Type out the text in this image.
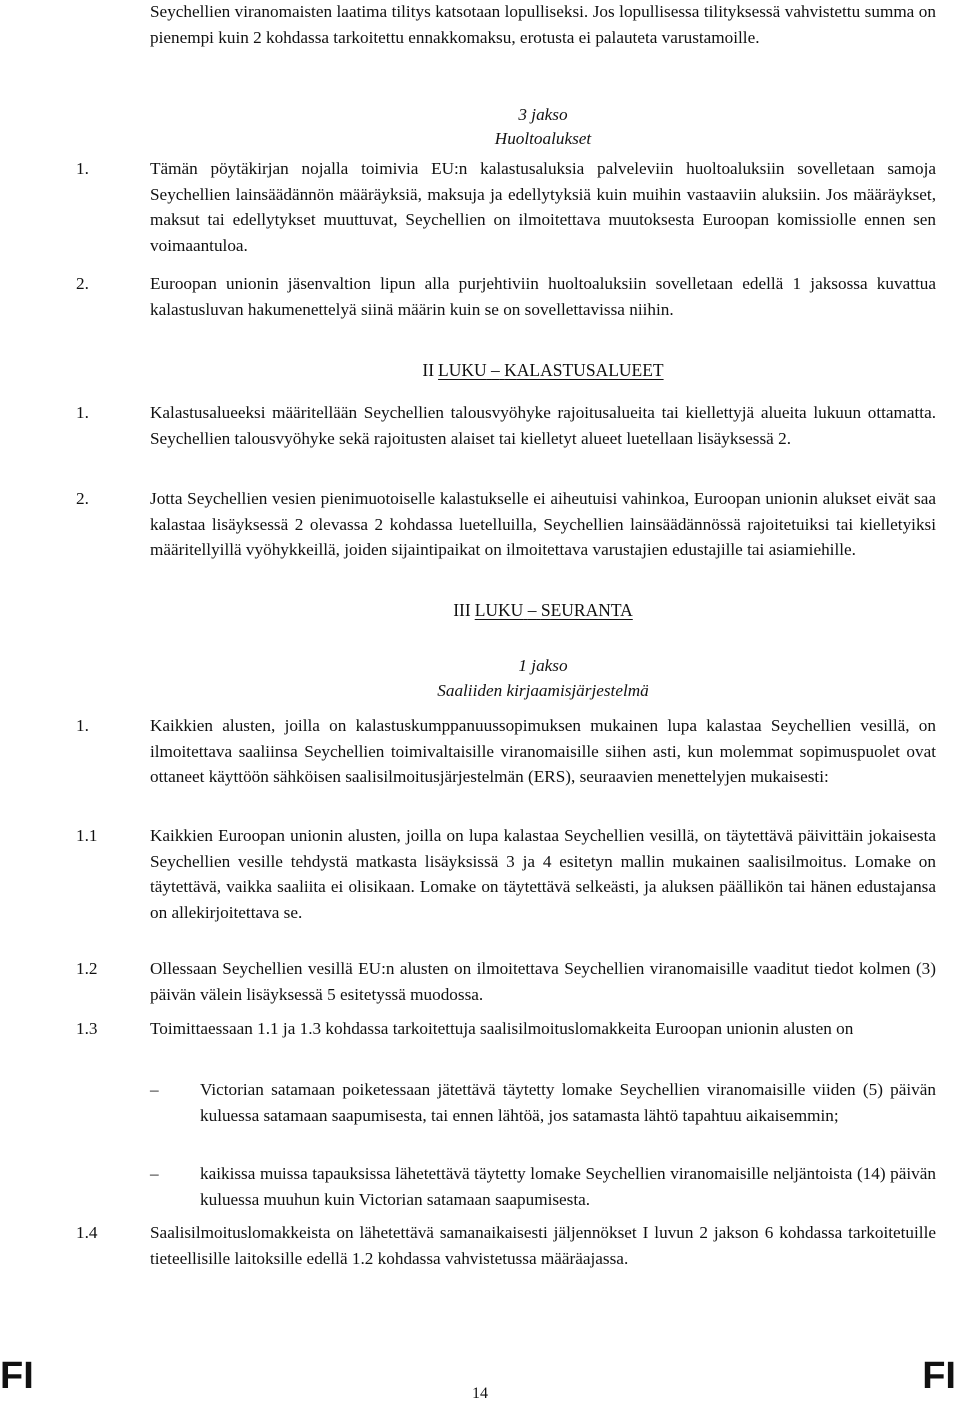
Seychellien viranomaisten laatima tilitys katsotaan lopulliseksi. Jos lopullisessa tilityksessä vahvistettu summa on pienempi kuin 2 kohdassa tarkoitettu ennakkomaksu, erotusta ei palauteta varustamoille.
3 jakso
Huoltoalukset
1.	Tämän pöytäkirjan nojalla toimivia EU:n kalastusaluksia palveleviin huoltoaluksiin sovelletaan samoja Seychellien lainsäädännön määräyksiä, maksuja ja edellytyksiä kuin muihin vastaaviin aluksiin. Jos määräykset, maksut tai edellytykset muuttuvat, Seychellien on ilmoitettava muutoksesta Euroopan komissiolle ennen sen voimaantuloa.
2.	Euroopan unionin jäsenvaltion lipun alla purjehtiviin huoltoaluksiin sovelletaan edellä 1 jaksossa kuvattua kalastusluvan hakumenettelyä siinä määrin kuin se on sovellettavissa niihin.
II LUKU – KALASTUSALUEET
1.	Kalastusalueeksi määritellään Seychellien talousvyöhyke rajoitusalueita tai kiellettyjä alueita lukuun ottamatta. Seychellien talousvyöhyke sekä rajoitusten alaiset tai kielletyt alueet luetellaan lisäyksessä 2.
2.	Jotta Seychellien vesien pienimuotoiselle kalastukselle ei aiheutuisi vahinkoa, Euroopan unionin alukset eivät saa kalastaa lisäyksessä 2 olevassa 2 kohdassa luetelluilla, Seychellien lainsäädännössä rajoitetuiksi tai kielletyiksi määritellyillä vyöhykkeillä, joiden sijaintipaikat on ilmoitettava varustajien edustajille tai asiamiehille.
III LUKU – SEURANTA
1 jakso
Saaliiden kirjaamisjärjestelmä
1.	Kaikkien alusten, joilla on kalastuskumppanuussopimuksen mukainen lupa kalastaa Seychellien vesillä, on ilmoitettava saaliinsa Seychellien toimivaltaisille viranomaisille siihen asti, kun molemmat sopimuspuolet ovat ottaneet käyttöön sähköisen saalisilmoitusjärjestelmän (ERS), seuraavien menettelyjen mukaisesti:
1.1	Kaikkien Euroopan unionin alusten, joilla on lupa kalastaa Seychellien vesillä, on täytettävä päivittäin jokaisesta Seychellien vesille tehdystä matkasta lisäyksissä 3 ja 4 esitetyn mallin mukainen saalisilmoitus. Lomake on täytettävä, vaikka saaliita ei olisikaan. Lomake on täytettävä selkeästi, ja aluksen päällikön tai hänen edustajansa on allekirjoitettava se.
1.2	Ollessaan Seychellien vesillä EU:n alusten on ilmoitettava Seychellien viranomaisille vaaditut tiedot kolmen (3) päivän välein lisäyksessä 5 esitetyssä muodossa.
1.3	Toimittaessaan 1.1 ja 1.3 kohdassa tarkoitettuja saalisilmoituslomakkeita Euroopan unionin alusten on
–	Victorian satamaan poiketessaan jätettävä täytetty lomake Seychellien viranomaisille viiden (5) päivän kuluessa satamaan saapumisesta, tai ennen lähtöä, jos satamasta lähtö tapahtuu aikaisemmin;
–	kaikissa muissa tapauksissa lähetettävä täytetty lomake Seychellien viranomaisille neljäntoista (14) päivän kuluessa muuhun kuin Victorian satamaan saapumisesta.
1.4	Saalisilmoituslomakkeista on lähetettävä samanaikaisesti jäljennökset I luvun 2 jakson 6 kohdassa tarkoitetuille tieteellisille laitoksille edellä 1.2 kohdassa vahvistetussa määräajassa.
FI	14	FI
